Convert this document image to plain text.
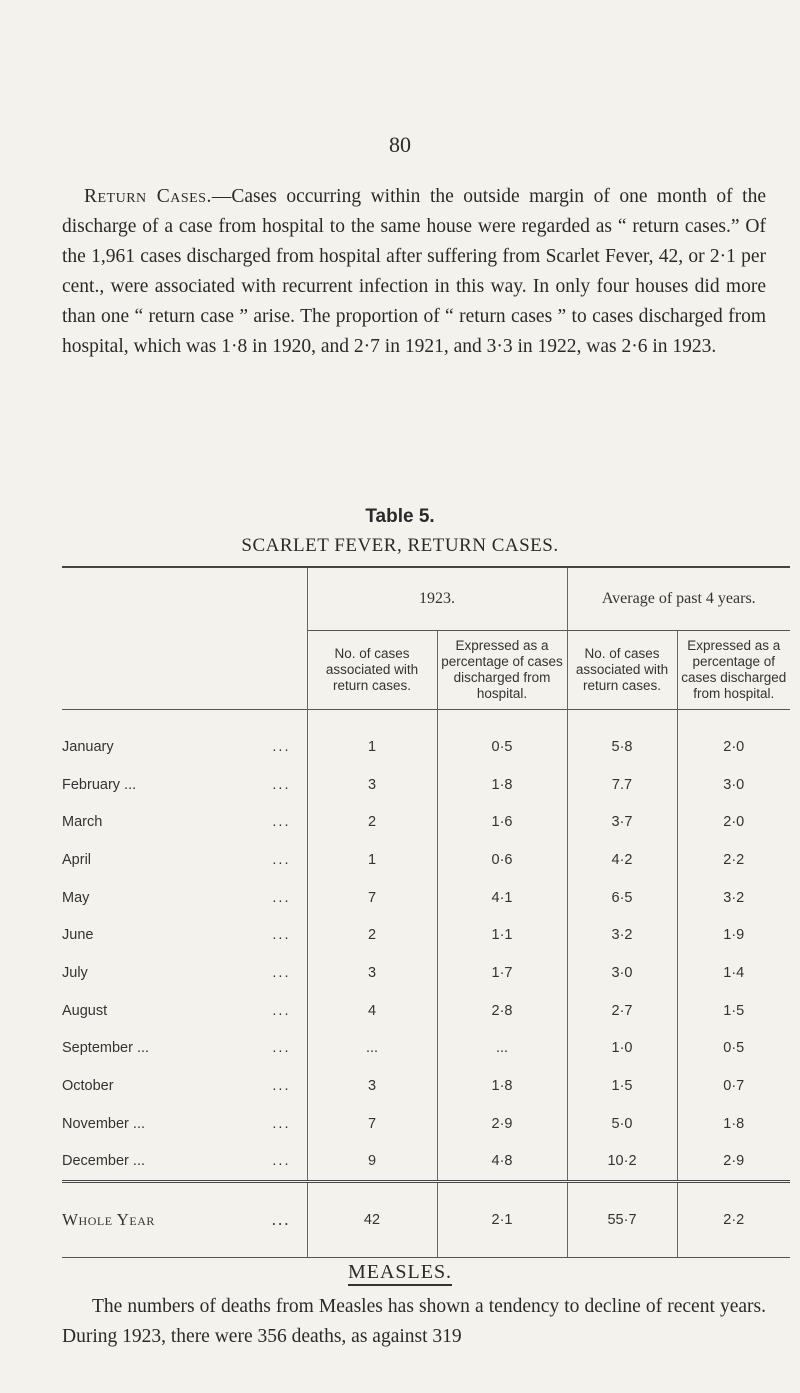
80

Return Cases.—Cases occurring within the outside margin of one month of the discharge of a case from hospital to the same house were regarded as “ return cases.” Of the 1,961 cases discharged from hospital after suffering from Scarlet Fever, 42, or 2·1 per cent., were associated with recurrent infection in this way. In only four houses did more than one “ return case ” arise. The proportion of “ return cases ” to cases discharged from hospital, which was 1·8 in 1920, and 2·7 in 1921, and 3·3 in 1922, was 2·6 in 1923.

Table 5.
SCARLET FEVER, RETURN CASES.

	1923.		Average of past 4 years.	
	No. of cases associated with return cases.	Expressed as a percentage of cases discharged from hospital.	No. of cases associated with return cases.	Expressed as a percentage of cases discharged from hospital.

January ...	1	0·5	5·8	2·0
February ... ...	3	1·8	7.7	3·0
March ...	2	1·6	3·7	2·0
April ...	1	0·6	4·2	2·2
May ...	7	4·1	6·5	3·2
June ...	2	1·1	3·2	1·9
July ...	3	1·7	3·0	1·4
August ...	4	2·8	2·7	1·5
September ... ...	...	...	1·0	0·5
October ...	3	1·8	1·5	0·7
November ... ...	7	2·9	5·0	1·8
December ... ...	9	4·8	10·2	2·9
Whole Year ...	42	2·1	55·7	2·2
MEASLES.

The numbers of deaths from Measles has shown a tendency to decline of recent years. During 1923, there were 356 deaths, as against 319
